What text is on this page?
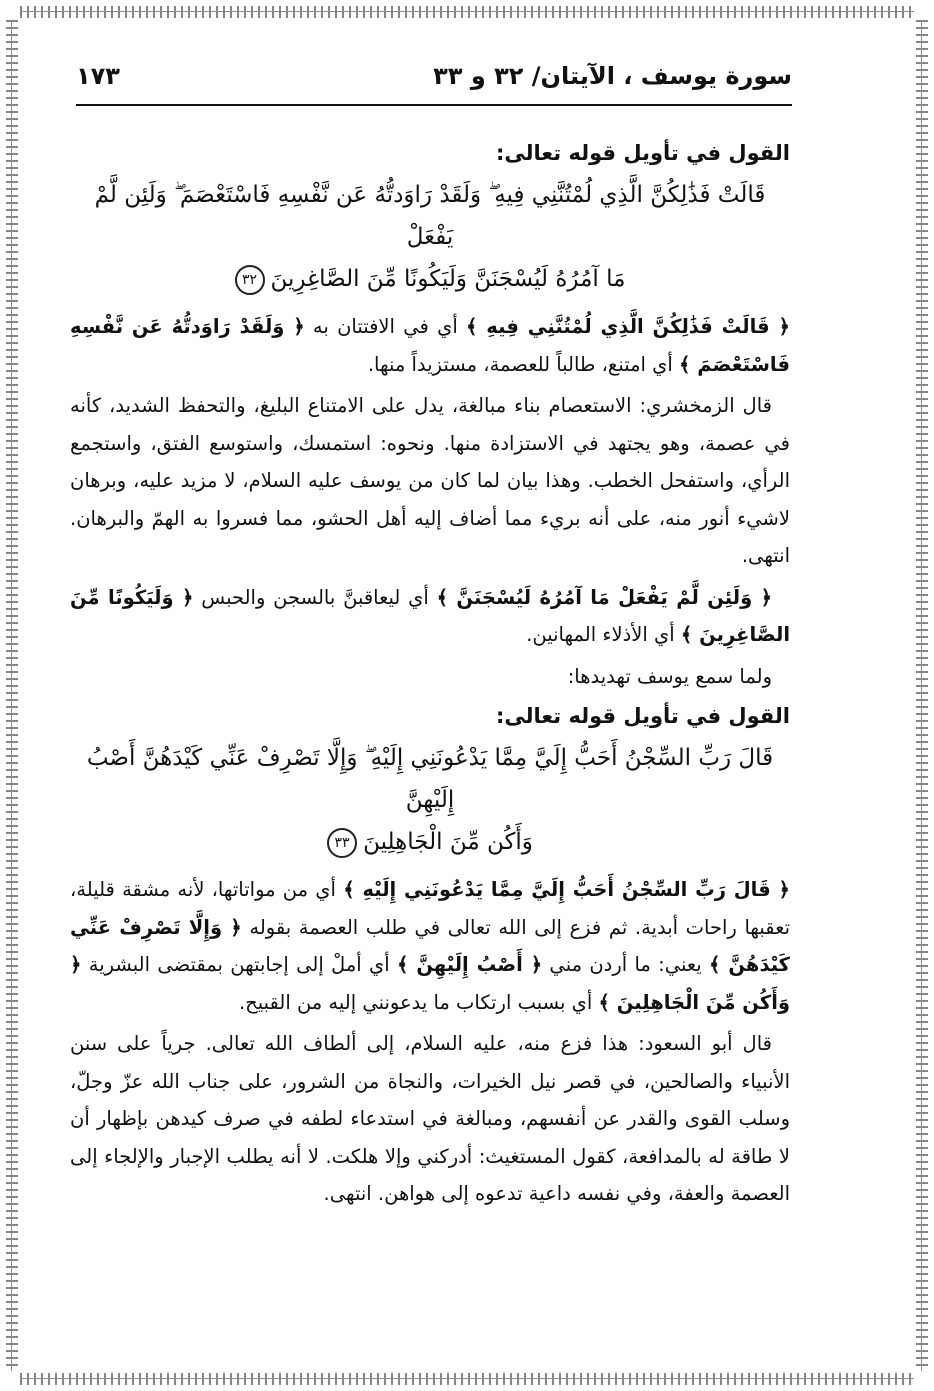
سورة يوسف ، الآيتان/ ٣٢ و ٣٣
١٧٣

القول في تأويل قوله تعالى:

قَالَتْ فَذَٰلِكُنَّ الَّذِي لُمْتُنَّنِي فِيهِ ۖ وَلَقَدْ رَاوَدتُّهُ عَن نَّفْسِهِ فَاسْتَعْصَمَ ۖ وَلَئِن لَّمْ يَفْعَلْ
مَا آمُرُهُ لَيُسْجَنَنَّ وَلَيَكُونًا مِّنَ الصَّاغِرِينَ٣٢

﴿ قَالَتْ فَذَٰلِكُنَّ الَّذِي لُمْتُنَّنِي فِيهِ ﴾ أي في الافتتان به ﴿ وَلَقَدْ رَاوَدتُّهُ عَن نَّفْسِهِ فَاسْتَعْصَمَ ﴾ أي امتنع، طالباً للعصمة، مستزيداً منها.

قال الزمخشري: الاستعصام بناء مبالغة، يدل على الامتناع البليغ، والتحفظ الشديد، كأنه في عصمة، وهو يجتهد في الاستزادة منها. ونحوه: استمسك، واستوسع الفتق، واستجمع الرأي، واستفحل الخطب. وهذا بيان لما كان من يوسف عليه السلام، لا مزيد عليه، وبرهان لاشيء أنور منه، على أنه بريء مما أضاف إليه أهل الحشو، مما فسروا به الهمّ والبرهان. انتهى.

﴿ وَلَئِن لَّمْ يَفْعَلْ مَا آمُرُهُ لَيُسْجَنَنَّ ﴾ أي ليعاقبنَّ بالسجن والحبس ﴿ وَلَيَكُونًا مِّنَ الصَّاغِرِينَ ﴾ أي الأذلاء المهانين.

ولما سمع يوسف تهديدها:

القول في تأويل قوله تعالى:

قَالَ رَبِّ السِّجْنُ أَحَبُّ إِلَيَّ مِمَّا يَدْعُونَنِي إِلَيْهِ ۖ وَإِلَّا تَصْرِفْ عَنِّي كَيْدَهُنَّ أَصْبُ إِلَيْهِنَّ
وَأَكُن مِّنَ الْجَاهِلِينَ٣٣

﴿ قَالَ رَبِّ السِّجْنُ أَحَبُّ إِلَيَّ مِمَّا يَدْعُونَنِي إِلَيْهِ ﴾ أي من مواتاتها، لأنه مشقة قليلة، تعقبها راحات أبدية. ثم فزع إلى الله تعالى في طلب العصمة بقوله ﴿ وَإِلَّا تَصْرِفْ عَنِّي كَيْدَهُنَّ ﴾ يعني: ما أردن مني ﴿ أَصْبُ إِلَيْهِنَّ ﴾ أي أملْ إلى إجابتهن بمقتضى البشرية ﴿ وَأَكُن مِّنَ الْجَاهِلِينَ ﴾ أي بسبب ارتكاب ما يدعونني إليه من القبيح.

قال أبو السعود: هذا فزع منه، عليه السلام، إلى ألطاف الله تعالى. جرياً على سنن الأنبياء والصالحين، في قصر نيل الخيرات، والنجاة من الشرور، على جناب الله عزّ وجلّ، وسلب القوى والقدر عن أنفسهم، ومبالغة في استدعاء لطفه في صرف كيدهن بإظهار أن لا طاقة له بالمدافعة، كقول المستغيث: أدركني وإلا هلكت. لا أنه يطلب الإجبار والإلجاء إلى العصمة والعفة، وفي نفسه داعية تدعوه إلى هواهن. انتهى.
